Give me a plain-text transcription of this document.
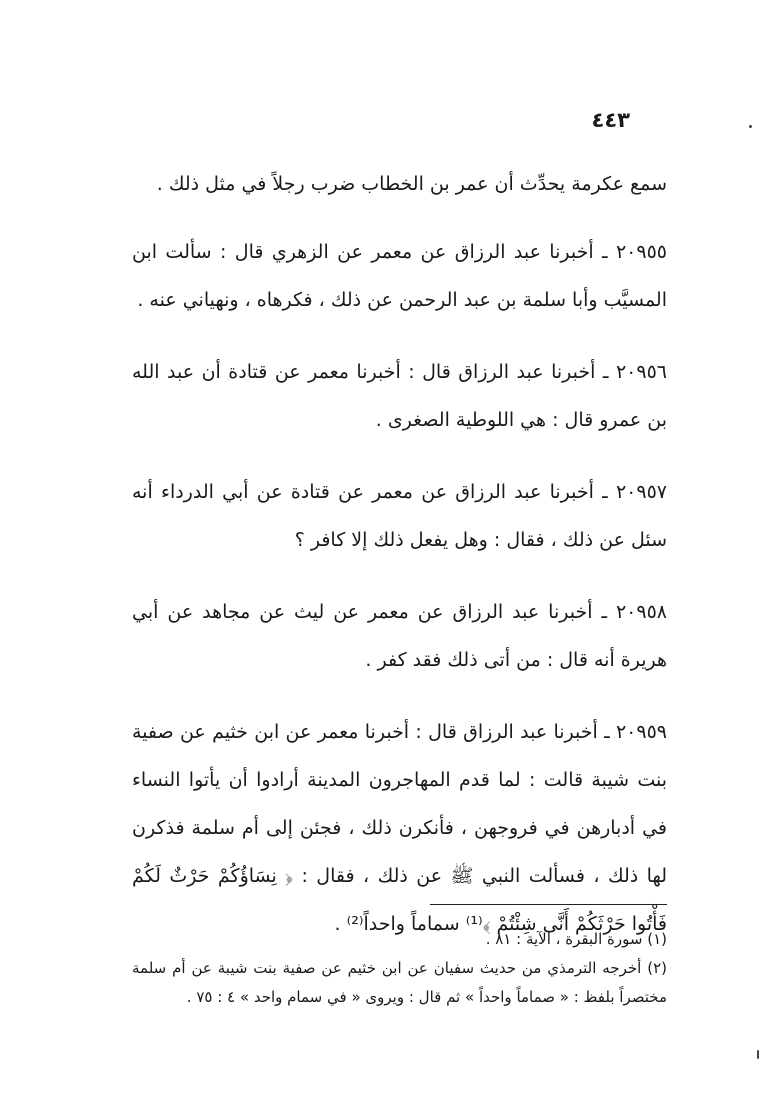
٤٤٣

سمع عكرمة يحدِّث أن عمر بن الخطاب ضرب رجلاً في مثل ذلك .

٢٠٩٥٥ ـ أخبرنا عبد الرزاق عن معمر عن الزهري قال : سألت ابن المسيَّب وأبا سلمة بن عبد الرحمن عن ذلك ، فكرهاه ، ونهياني عنه .

٢٠٩٥٦ ـ أخبرنا عبد الرزاق قال : أخبرنا معمر عن قتادة أن عبد الله بن عمرو قال : هي اللوطية الصغرى .

٢٠٩٥٧ ـ أخبرنا عبد الرزاق عن معمر عن قتادة عن أبي الدرداء أنه سئل عن ذلك ، فقال : وهل يفعل ذلك إلا كافر ؟

٢٠٩٥٨ ـ أخبرنا عبد الرزاق عن معمر عن ليث عن مجاهد عن أبي هريرة أنه قال : من أتى ذلك فقد كفر .

٢٠٩٥٩ ـ أخبرنا عبد الرزاق قال : أخبرنا معمر عن ابن خثيم عن صفية بنت شيبة قالت : لما قدم المهاجرون المدينة أرادوا أن يأتوا النساء في أدبارهن في فروجهن ، فأنكرن ذلك ، فجئن إلى أم سلمة فذكرن لها ذلك ، فسألت النبي ﷺ عن ذلك ، فقال : ﴿ نِسَاؤُكُمْ حَرْثٌ لَكُمْ فَأْتُوا حَرْثَكُمْ أَنَّى شِئْتُمْ ﴾⁽¹⁾ سماماً واحداً⁽²⁾ .

(١) سورة البقرة ، الآية : ٨١ .

(٢) أخرجه الترمذي من حديث سفيان عن ابن خثيم عن صفية بنت شيبة عن أم سلمة مختصراً بلفظ : « صماماً واحداً » ثم قال : ويروى « في سمام واحد » ٤ : ٧٥ .
